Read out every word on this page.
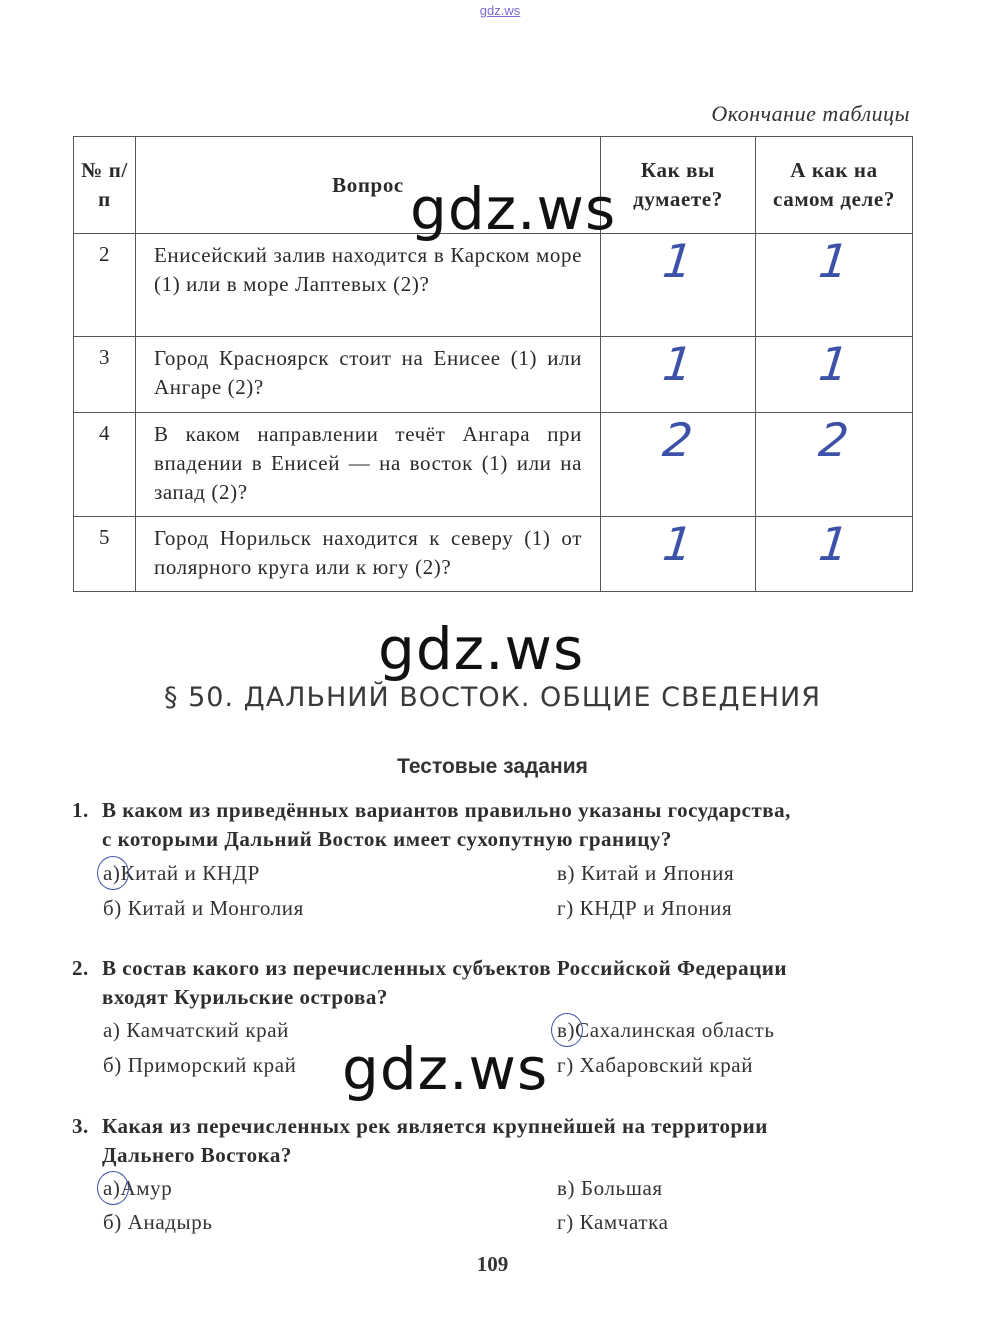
gdz.ws
Окончание таблицы
№ п/п	Вопрос	Как вы думаете?	А как на самом деле?
2	Енисейский залив находится в Карском море (1) или в море Лаптевых (2)?	1	1
3	Город Красноярск стоит на Енисее (1) или Ангаре (2)?	1	1
4	В каком направлении течёт Ангара при впадении в Енисей — на восток (1) или на запад (2)?	2	2
5	Город Норильск находится к северу (1) от полярного круга или к югу (2)?	1	1
gdz.ws
gdz.ws
§ 50. ДАЛЬНИЙ ВОСТОК. ОБЩИЕ СВЕДЕНИЯ
Тестовые задания
1. В каком из приведённых вариантов правильно указаны государства,
с которыми Дальний Восток имеет сухопутную границу?
а)Китай и КНДР
б) Китай и Монголия
в) Китай и Япония
г) КНДР и Япония
2. В состав какого из перечисленных субъектов Российской Федерации
входят Курильские острова?
а) Камчатский край
б) Приморский край
в)Сахалинская область
г) Хабаровский край
gdz.ws
3. Какая из перечисленных рек является крупнейшей на территории
Дальнего Востока?
а)Амур
б) Анадырь
в) Большая
г) Камчатка
109
